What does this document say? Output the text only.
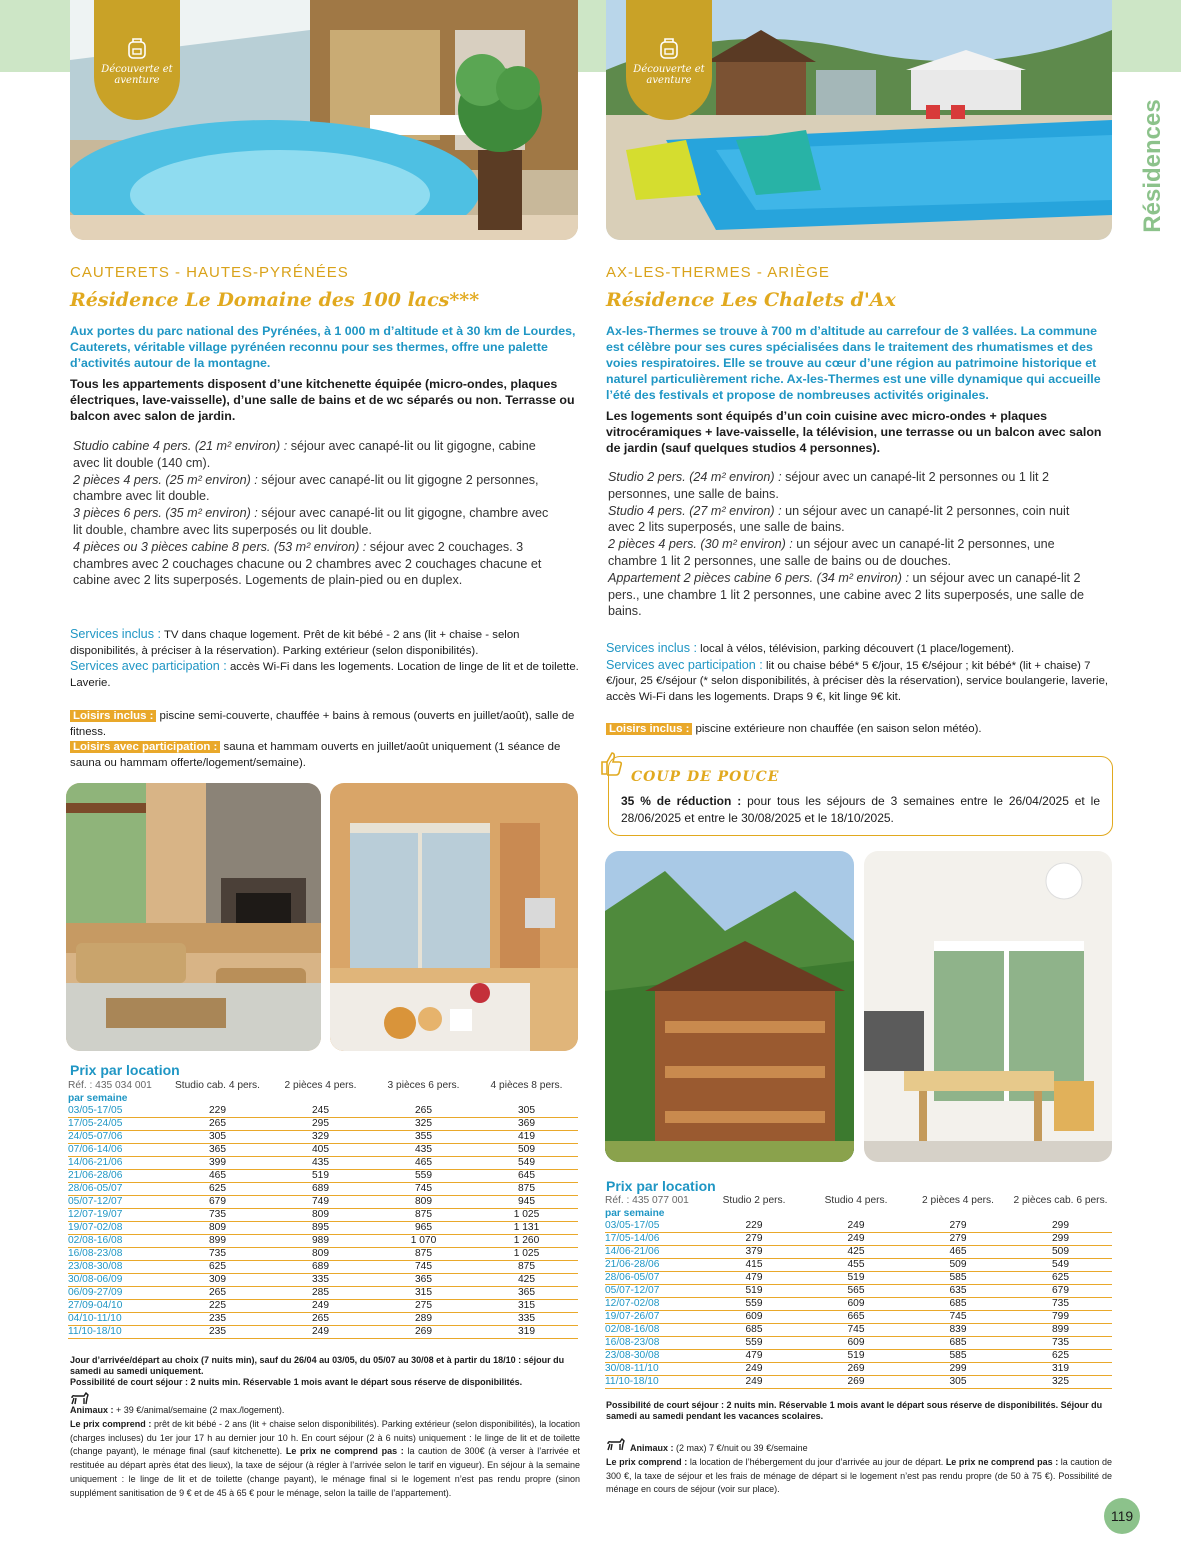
Résidences
Découverte et aventure
Découverte et aventure
CAUTERETS - HAUTES-PYRÉNÉES
Résidence Le Domaine des 100 lacs***
Aux portes du parc national des Pyrénées, à 1 000 m d’altitude et à 30 km de Lourdes, Cauterets, véritable village pyrénéen reconnu pour ses thermes, offre une palette d’activités autour de la montagne.
Tous les appartements disposent d’une kitchenette équipée (micro-ondes, plaques électriques, lave-vaisselle), d’une salle de bains et de wc séparés ou non. Terrasse ou balcon avec salon de jardin.
Studio cabine 4 pers. (21 m² environ) : séjour avec canapé-lit ou lit gigogne, cabine avec lit double (140 cm).
2 pièces 4 pers. (25 m² environ) : séjour avec canapé-lit ou lit gigogne 2 personnes, chambre avec lit double.
3 pièces 6 pers. (35 m² environ) : séjour avec canapé-lit ou lit gigogne, chambre avec lit double, chambre avec lits superposés ou lit double.
4 pièces ou 3 pièces cabine 8 pers. (53 m² environ) : séjour avec 2 couchages. 3 chambres avec 2 couchages chacune ou 2 chambres avec 2 couchages chacune et cabine avec 2 lits superposés. Logements de plain-pied ou en duplex.
Services inclus : TV dans chaque logement. Prêt de kit bébé - 2 ans (lit + chaise - selon disponibilités, à préciser à la réservation). Parking extérieur (selon disponibilités).
Services avec participation : accès Wi-Fi dans les logements. Location de linge de lit et de toilette. Laverie.
Loisirs inclus : piscine semi-couverte, chauffée + bains à remous (ouverts en juillet/août), salle de fitness.
Loisirs avec participation : sauna et hammam ouverts en juillet/août uniquement (1 séance de sauna ou hammam offerte/logement/semaine).
Prix par location
Réf. : 435 034 001	Studio cab. 4 pers.	2 pièces 4 pers.	3 pièces 6 pers.	4 pièces 8 pers.
par semaine				
03/05-17/05	229	245	265	305
17/05-24/05	265	295	325	369
24/05-07/06	305	329	355	419
07/06-14/06	365	405	435	509
14/06-21/06	399	435	465	549
21/06-28/06	465	519	559	645
28/06-05/07	625	689	745	875
05/07-12/07	679	749	809	945
12/07-19/07	735	809	875	1 025
19/07-02/08	809	895	965	1 131
02/08-16/08	899	989	1 070	1 260
16/08-23/08	735	809	875	1 025
23/08-30/08	625	689	745	875
30/08-06/09	309	335	365	425
06/09-27/09	265	285	315	365
27/09-04/10	225	249	275	315
04/10-11/10	235	265	289	335
11/10-18/10	235	249	269	319
Jour d’arrivée/départ au choix (7 nuits min), sauf du 26/04 au 03/05, du 05/07 au 30/08 et à partir du 18/10 : séjour du samedi au samedi uniquement.
Possibilité de court séjour : 2 nuits min. Réservable 1 mois avant le départ sous réserve de disponibilités.
Animaux : + 39 €/animal/semaine (2 max./logement).
Le prix comprend : prêt de kit bébé - 2 ans (lit + chaise selon disponibilités). Parking extérieur (selon disponibilités), la location (charges incluses) du 1er jour 17 h au dernier jour 10 h. En court séjour (2 à 6 nuits) uniquement : le linge de lit et de toilette (change payant), le ménage final (sauf kitchenette). Le prix ne comprend pas : la caution de 300€ (à verser à l’arrivée et restituée au départ après état des lieux), la taxe de séjour (à régler à l’arrivée selon le tarif en vigueur). En séjour à la semaine uniquement : le linge de lit et de toilette (change payant), le ménage final si le logement n’est pas rendu propre (sinon supplément sanitisation de 9 € et de 45 à 65 € pour le ménage, selon la taille de l’appartement).
AX-LES-THERMES - ARIÈGE
Résidence Les Chalets d'Ax
Ax-les-Thermes se trouve à 700 m d’altitude au carrefour de 3 vallées. La commune est célèbre pour ses cures spécialisées dans le traitement des rhumatismes et des voies respiratoires. Elle se trouve au cœur d’une région au patrimoine historique et naturel particulièrement riche. Ax-les-Thermes est une ville dynamique qui accueille l’été des festivals et propose de nombreuses activités originales.
Les logements sont équipés d’un coin cuisine avec micro-ondes + plaques vitrocéramiques + lave-vaisselle, la télévision, une terrasse ou un balcon avec salon de jardin (sauf quelques studios 4 personnes).
Studio 2 pers. (24 m² environ) : séjour avec un canapé-lit 2 personnes ou 1 lit 2 personnes, une salle de bains.
Studio 4 pers. (27 m² environ) : un séjour avec un canapé-lit 2 personnes, coin nuit avec 2 lits superposés, une salle de bains.
2 pièces 4 pers. (30 m² environ) : un séjour avec un canapé-lit 2 personnes, une chambre 1 lit 2 personnes, une salle de bains ou de douches.
Appartement 2 pièces cabine 6 pers. (34 m² environ) : un séjour avec un canapé-lit 2 pers., une chambre 1 lit 2 personnes, une cabine avec 2 lits superposés, une salle de bains.
Services inclus : local à vélos, télévision, parking découvert (1 place/logement).
Services avec participation : lit ou chaise bébé* 5 €/jour, 15 €/séjour ; kit bébé* (lit + chaise) 7 €/jour, 25 €/séjour (* selon disponibilités, à préciser dès la réservation), service boulangerie, laverie, accès Wi-Fi dans les logements. Draps 9 €, kit linge 9€ kit.
Loisirs inclus : piscine extérieure non chauffée (en saison selon météo).
COUP DE POUCE
35 % de réduction : pour tous les séjours de 3 semaines entre le 26/04/2025 et le 28/06/2025 et entre le 30/08/2025 et le 18/10/2025.
Prix par location
Réf. : 435 077 001	Studio 2 pers.	Studio 4 pers.	2 pièces 4 pers.	2 pièces cab. 6 pers.
par semaine				
03/05-17/05	229	249	279	299
17/05-14/06	279	249	279	299
14/06-21/06	379	425	465	509
21/06-28/06	415	455	509	549
28/06-05/07	479	519	585	625
05/07-12/07	519	565	635	679
12/07-02/08	559	609	685	735
19/07-26/07	609	665	745	799
02/08-16/08	685	745	839	899
16/08-23/08	559	609	685	735
23/08-30/08	479	519	585	625
30/08-11/10	249	269	299	319
11/10-18/10	249	269	305	325
Possibilité de court séjour : 2 nuits min. Réservable 1 mois avant le départ sous réserve de disponibilités. Séjour du samedi au samedi pendant les vacances scolaires.
Animaux : (2 max) 7 €/nuit ou 39 €/semaine
Le prix comprend : la location de l’hébergement du jour d’arrivée au jour de départ. Le prix ne comprend pas : la caution de 300 €, la taxe de séjour et les frais de ménage de départ si le logement n’est pas rendu propre (de 50 à 75 €). Possibilité de ménage en cours de séjour (voir sur place).
119
